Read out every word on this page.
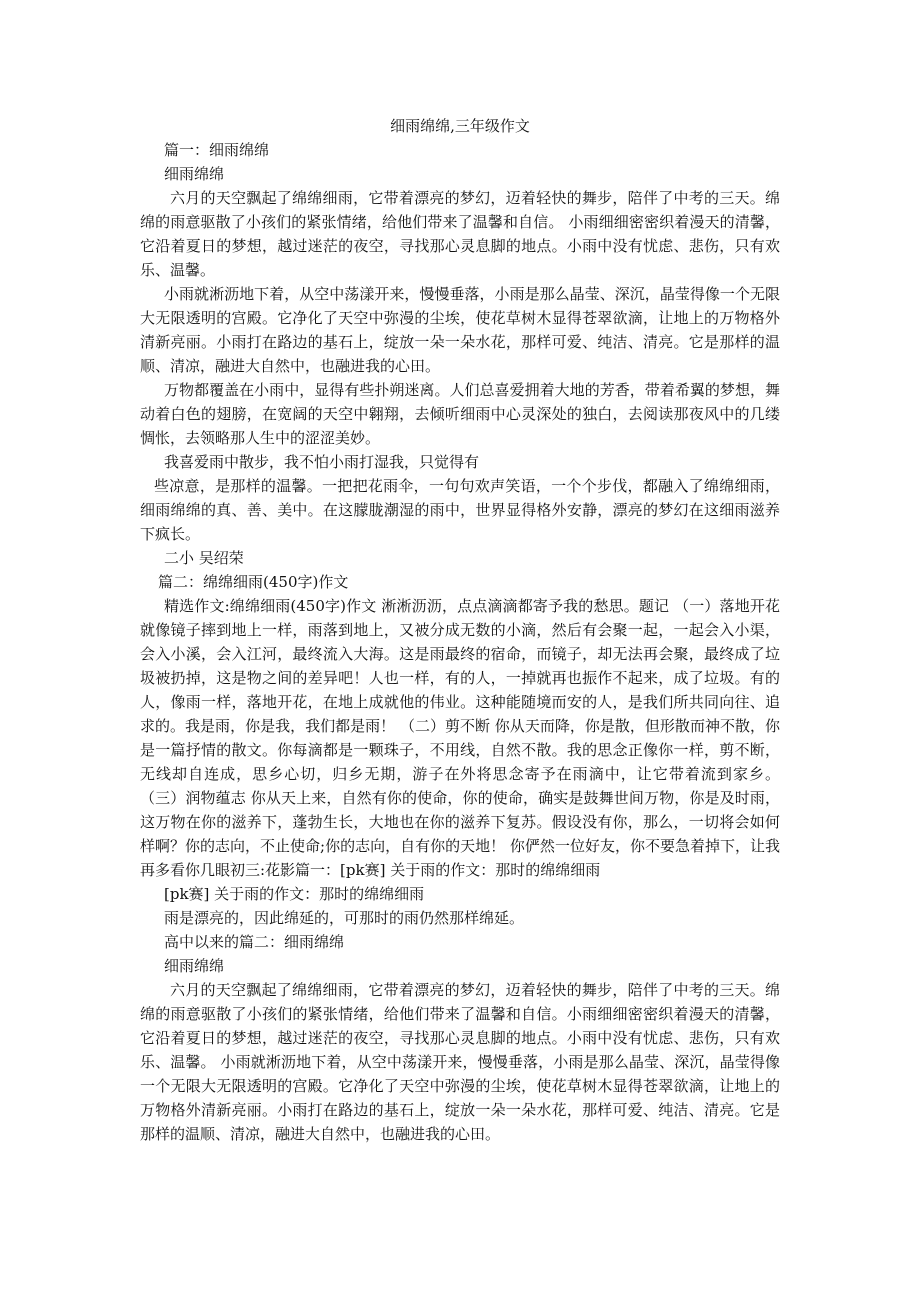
细雨绵绵,三年级作文

篇一：细雨绵绵

细雨绵绵

六月的天空飘起了绵绵细雨，它带着漂亮的梦幻，迈着轻快的舞步，陪伴了中考的三天。绵绵的雨意驱散了小孩们的紧张情绪，给他们带来了温馨和自信。 小雨细细密密织着漫天的清馨，它沿着夏日的梦想，越过迷茫的夜空，寻找那心灵息脚的地点。小雨中没有忧虑、悲伤，只有欢乐、温馨。

小雨就淅沥地下着，从空中荡漾开来，慢慢垂落，小雨是那么晶莹、深沉，晶莹得像一个无限大无限透明的宫殿。它净化了天空中弥漫的尘埃，使花草树木显得苍翠欲滴，让地上的万物格外清新亮丽。小雨打在路边的基石上，绽放一朵一朵水花，那样可爱、纯洁、清亮。它是那样的温顺、清凉，融进大自然中，也融进我的心田。

万物都覆盖在小雨中，显得有些扑朔迷离。人们总喜爱拥着大地的芳香，带着希翼的梦想，舞动着白色的翅膀，在宽阔的天空中翱翔，去倾听细雨中心灵深处的独白，去阅读那夜风中的几缕惆怅，去领略那人生中的涩涩美妙。

我喜爱雨中散步，我不怕小雨打湿我，只觉得有

些凉意，是那样的温馨。一把把花雨伞，一句句欢声笑语，一个个步伐，都融入了绵绵细雨，细雨绵绵的真、善、美中。在这朦胧潮湿的雨中，世界显得格外安静，漂亮的梦幻在这细雨滋养下疯长。

二小 吴绍荣

篇二：绵绵细雨(450字)作文

精选作文:绵绵细雨(450字)作文 淅淅沥沥，点点滴滴都寄予我的愁思。题记 （一）落地开花 就像镜子摔到地上一样，雨落到地上，又被分成无数的小滴，然后有会聚一起，一起会入小渠，会入小溪，会入江河，最终流入大海。这是雨最终的宿命，而镜子，却无法再会聚，最终成了垃圾被扔掉，这是物之间的差异吧！人也一样，有的人，一掉就再也振作不起来，成了垃圾。有的人，像雨一样，落地开花，在地上成就他的伟业。这种能随境而安的人，是我们所共同向往、追求的。我是雨，你是我，我们都是雨！ （二）剪不断 你从天而降，你是散，但形散而神不散，你是一篇抒情的散文。你每滴都是一颗珠子，不用线，自然不散。我的思念正像你一样，剪不断，无线却自连成，思乡心切，归乡无期，游子在外将思念寄予在雨滴中，让它带着流到家乡。 （三）润物蕴志 你从天上来，自然有你的使命，你的使命，确实是鼓舞世间万物，你是及时雨，这万物在你的滋养下，蓬勃生长，大地也在你的滋养下复苏。假设没有你，那么，一切将会如何样啊？你的志向，不止使命;你的志向，自有你的天地！ 你俨然一位好友，你不要急着掉下，让我再多看你几眼初三:花影篇一：[pk赛] 关于雨的作文：那时的绵绵细雨

[pk赛] 关于雨的作文：那时的绵绵细雨

雨是漂亮的，因此绵延的，可那时的雨仍然那样绵延。

高中以来的篇二：细雨绵绵

细雨绵绵

六月的天空飘起了绵绵细雨，它带着漂亮的梦幻，迈着轻快的舞步，陪伴了中考的三天。绵绵的雨意驱散了小孩们的紧张情绪，给他们带来了温馨和自信。小雨细细密密织着漫天的清馨，它沿着夏日的梦想，越过迷茫的夜空，寻找那心灵息脚的地点。小雨中没有忧虑、悲伤，只有欢乐、温馨。 小雨就淅沥地下着，从空中荡漾开来，慢慢垂落，小雨是那么晶莹、深沉，晶莹得像一个无限大无限透明的宫殿。它净化了天空中弥漫的尘埃，使花草树木显得苍翠欲滴，让地上的万物格外清新亮丽。小雨打在路边的基石上，绽放一朵一朵水花，那样可爱、纯洁、清亮。它是那样的温顺、清凉，融进大自然中，也融进我的心田。
